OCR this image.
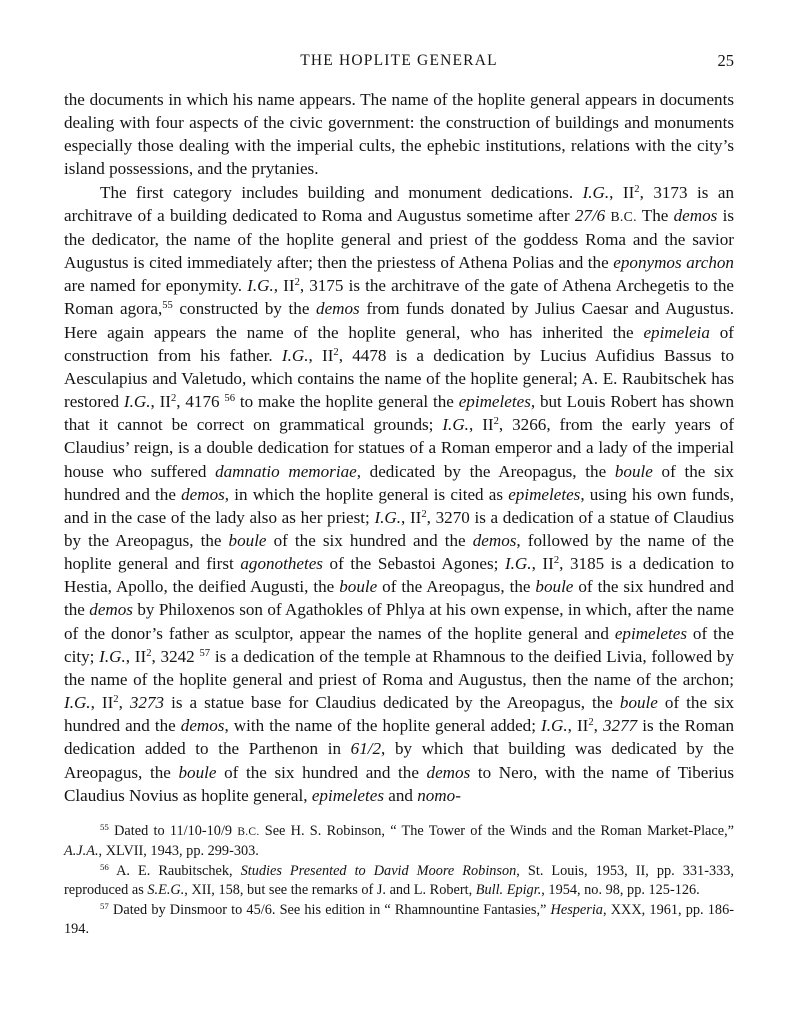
THE HOPLITE GENERAL	25

the documents in which his name appears. The name of the hoplite general appears in documents dealing with four aspects of the civic government: the construction of buildings and monuments especially those dealing with the imperial cults, the ephebic institutions, relations with the city’s island possessions, and the prytanies.

The first category includes building and monument dedications. I.G., $II^2$, 3173 is an architrave of a building dedicated to Roma and Augustus sometime after 27/6 B.C. The demos is the dedicator, the name of the hoplite general and priest of the goddess Roma and the savior Augustus is cited immediately after; then the priestess of Athena Polias and the eponymos archon are named for eponymity. I.G., $II^2$, 3175 is the architrave of the gate of Athena Archegetis to the Roman agora,$^{55}$ constructed by the demos from funds donated by Julius Caesar and Augustus. Here again appears the name of the hoplite general, who has inherited the epimeleia of construction from his father. I.G., $II^2$, 4478 is a dedication by Lucius Aufidius Bassus to Aesculapius and Valetudo, which contains the name of the hoplite general; A. E. Raubitschek has restored I.G., $II^2$, 4176 $^{56}$ to make the hoplite general the epimeletes, but Louis Robert has shown that it cannot be correct on grammatical grounds; I.G., $II^2$, 3266, from the early years of Claudius’ reign, is a double dedication for statues of a Roman emperor and a lady of the imperial house who suffered damnatio memoriae, dedicated by the Areopagus, the boule of the six hundred and the demos, in which the hoplite general is cited as epimeletes, using his own funds, and in the case of the lady also as her priest; I.G., $II^2$, 3270 is a dedication of a statue of Claudius by the Areopagus, the boule of the six hundred and the demos, followed by the name of the hoplite general and first agonothetes of the Sebastoi Agones; I.G., $II^2$, 3185 is a dedication to Hestia, Apollo, the deified Augusti, the boule of the Areopagus, the boule of the six hundred and the demos by Philoxenos son of Agathokles of Phlya at his own expense, in which, after the name of the donor’s father as sculptor, appear the names of the hoplite general and epimeletes of the city; I.G., $II^2$, 3242 $^{57}$ is a dedication of the temple at Rhamnous to the deified Livia, followed by the name of the hoplite general and priest of Roma and Augustus, then the name of the archon; I.G., $II^2$, 3273 is a statue base for Claudius dedicated by the Areopagus, the boule of the six hundred and the demos, with the name of the hoplite general added; I.G., $II^2$, 3277 is the Roman dedication added to the Parthenon in 61/2, by which that building was dedicated by the Areopagus, the boule of the six hundred and the demos to Nero, with the name of Tiberius Claudius Novius as hoplite general, epimeletes and nomo-

$^{55}$ Dated to 11/10-10/9 B.C. See H. S. Robinson, “ The Tower of the Winds and the Roman Market-Place,” A.J.A., XLVII, 1943, pp. 299-303.

$^{56}$ A. E. Raubitschek, Studies Presented to David Moore Robinson, St. Louis, 1953, II, pp. 331-333, reproduced as S.E.G., XII, 158, but see the remarks of J. and L. Robert, Bull. Epigr., 1954, no. 98, pp. 125-126.

$^{57}$ Dated by Dinsmoor to 45/6. See his edition in “ Rhamnountine Fantasies,” Hesperia, XXX, 1961, pp. 186-194.
